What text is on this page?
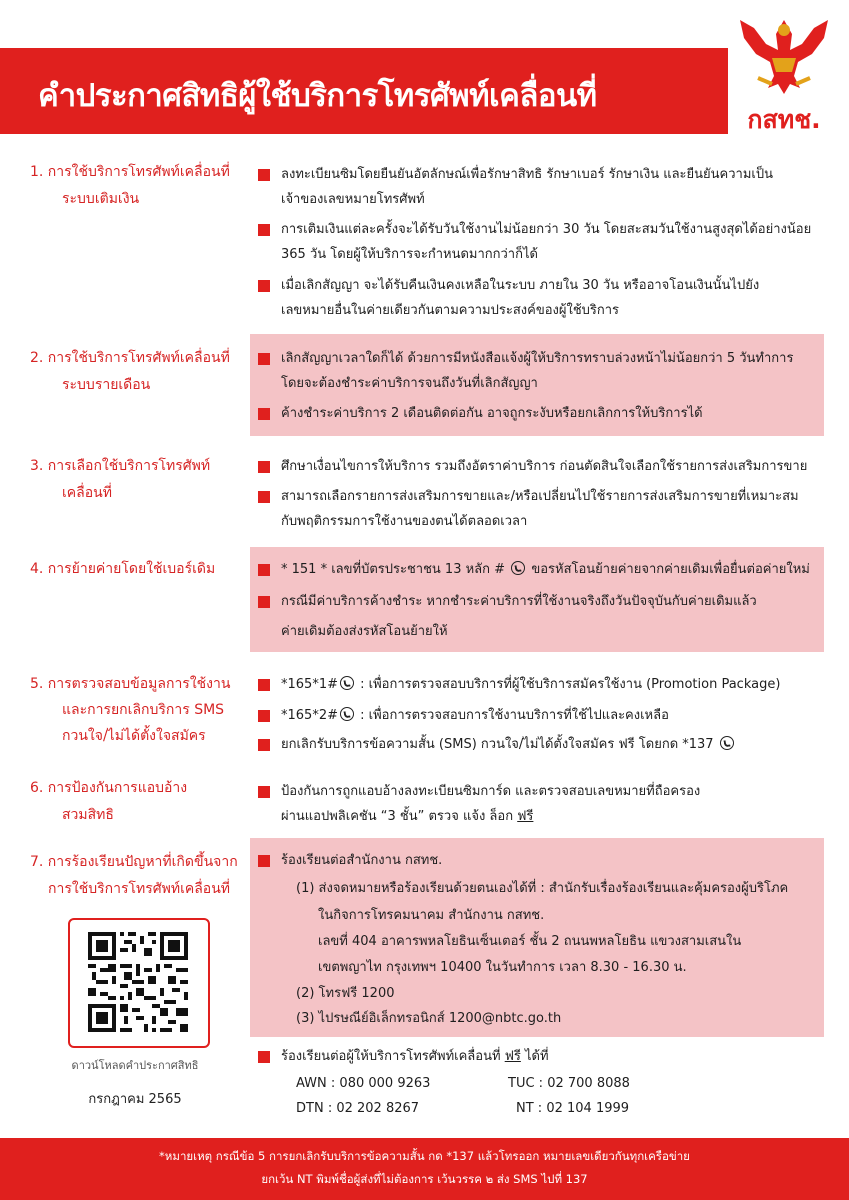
คำประกาศสิทธิผู้ใช้บริการโทรศัพท์เคลื่อนที่
กสทช.
1. การใช้บริการโทรศัพท์เคลื่อนที่
ระบบเติมเงิน
ลงทะเบียนซิมโดยยืนยันอัตลักษณ์เพื่อรักษาสิทธิ รักษาเบอร์ รักษาเงิน และยืนยันความเป็น
เจ้าของเลขหมายโทรศัพท์
การเติมเงินแต่ละครั้งจะได้รับวันใช้งานไม่น้อยกว่า 30 วัน โดยสะสมวันใช้งานสูงสุดได้อย่างน้อย
365 วัน โดยผู้ให้บริการจะกำหนดมากกว่าก็ได้
เมื่อเลิกสัญญา จะได้รับคืนเงินคงเหลือในระบบ ภายใน 30 วัน หรืออาจโอนเงินนั้นไปยัง
เลขหมายอื่นในค่ายเดียวกันตามความประสงค์ของผู้ใช้บริการ
2. การใช้บริการโทรศัพท์เคลื่อนที่
ระบบรายเดือน
เลิกสัญญาเวลาใดก็ได้ ด้วยการมีหนังสือแจ้งผู้ให้บริการทราบล่วงหน้าไม่น้อยกว่า 5 วันทำการ
โดยจะต้องชำระค่าบริการจนถึงวันที่เลิกสัญญา
ค้างชำระค่าบริการ 2 เดือนติดต่อกัน อาจถูกระงับหรือยกเลิกการให้บริการได้
3. การเลือกใช้บริการโทรศัพท์
เคลื่อนที่
ศึกษาเงื่อนไขการให้บริการ รวมถึงอัตราค่าบริการ ก่อนตัดสินใจเลือกใช้รายการส่งเสริมการขาย
สามารถเลือกรายการส่งเสริมการขายและ/หรือเปลี่ยนไปใช้รายการส่งเสริมการขายที่เหมาะสม
กับพฤติกรรมการใช้งานของตนได้ตลอดเวลา
4. การย้ายค่ายโดยใช้เบอร์เดิม	* 151 * เลขที่บัตรประชาชน 13 หลัก # ขอรหัสโอนย้ายค่ายจากค่ายเดิมเพื่อยื่นต่อค่ายใหม่
กรณีมีค่าบริการค้างชำระ หากชำระค่าบริการที่ใช้งานจริงถึงวันปัจจุบันกับค่ายเดิมแล้ว
ค่ายเดิมต้องส่งรหัสโอนย้ายให้
5. การตรวจสอบข้อมูลการใช้งาน
และการยกเลิกบริการ SMS
กวนใจ/ไม่ได้ตั้งใจสมัคร
*165*1# : เพื่อการตรวจสอบบริการที่ผู้ใช้บริการสมัครใช้งาน (Promotion Package)
*165*2# : เพื่อการตรวจสอบการใช้งานบริการที่ใช้ไปและคงเหลือ
ยกเลิกรับบริการข้อความสั้น (SMS) กวนใจ/ไม่ได้ตั้งใจสมัคร ฟรี โดยกด *137
6. การป้องกันการแอบอ้าง
สวมสิทธิ
ป้องกันการถูกแอบอ้างลงทะเบียนซิมการ์ด และตรวจสอบเลขหมายที่ถือครอง
ผ่านแอปพลิเคชัน “3 ชั้น” ตรวจ แจ้ง ล็อก ฟรี
7. การร้องเรียนปัญหาที่เกิดขึ้นจาก
การใช้บริการโทรศัพท์เคลื่อนที่
ร้องเรียนต่อสำนักงาน กสทช.
(1) ส่งจดหมายหรือร้องเรียนด้วยตนเองได้ที่ : สำนักรับเรื่องร้องเรียนและคุ้มครองผู้บริโภค
ในกิจการโทรคมนาคม สำนักงาน กสทช.
เลขที่ 404 อาคารพหลโยธินเซ็นเตอร์ ชั้น 2 ถนนพหลโยธิน แขวงสามเสนใน
เขตพญาไท กรุงเทพฯ 10400 ในวันทำการ เวลา 8.30 - 16.30 น.
(2) โทรฟรี 1200
(3) ไปรษณีย์อิเล็กทรอนิกส์ 1200@nbtc.go.th
ร้องเรียนต่อผู้ให้บริการโทรศัพท์เคลื่อนที่ ฟรี ได้ที่
AWN : 080 000 9263	TUC : 02 700 8088
DTN : 02 202 8267	NT : 02 104 1999
ดาวน์โหลดคำประกาศสิทธิ
กรกฎาคม 2565
*หมายเหตุ กรณีข้อ 5 การยกเลิกรับบริการข้อความสั้น กด *137 แล้วโทรออก หมายเลขเดียวกันทุกเครือข่าย
ยกเว้น NT พิมพ์ชื่อผู้ส่งที่ไม่ต้องการ เว้นวรรค ๒ ส่ง SMS ไปที่ 137
